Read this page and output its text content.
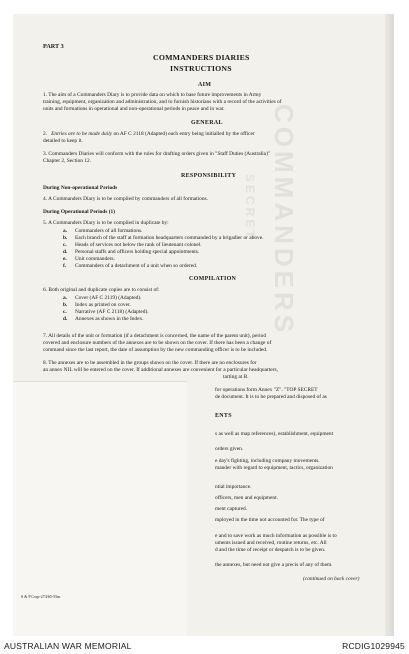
COMMANDERS
SECRET
PART 3
COMMANDERS DIARIES
INSTRUCTIONS
AIM
1. The aim of a Commanders Diary is to provide data on which to base future improvements in Army
training, equipment, organization and administration, and to furnish historians with a record of the activities of
units and formations in operational and non-operational periods in peace and in war.
GENERAL
2. Entries are to be made daily on AF C 2118 (Adapted) each entry being initialled by the officer
detailed to keep it.
3. Commanders Diaries will conform with the rules for drafting orders given in "Staff Duties (Australia)"
Chapter 2, Section 12.
RESPONSIBILITY
During Non-operational Periods
4. A Commanders Diary is to be compiled by commanders of all formations.
During Operational Periods (1)
5. A Commanders Diary is to be compiled in duplicate by:
a. Commanders of all formations.
b. Each branch of the staff at formation headquarters commanded by a brigadier or above.
c. Heads of services not below the rank of lieutenant colonel.
d. Personal staffs and officers holding special appointments.
e. Unit commanders.
f. Commanders of a detachment of a unit when so ordered.
COMPILATION
6. Both original and duplicate copies are to consist of:
a. Cover (AF C 2119) (Adapted).
b. Index as printed on cover.
c. Narrative (AF C 2118) (Adapted).
d. Annexes as shown in the Index.
7. All details of the unit or formation (if a detachment is concerned, the name of the parent unit), period
covered and enclosure numbers of the annexes are to be shown on the cover. If there has been a change of
command since the last report, the date of assumption by the new commanding officer is to be included.
8. The annexes are to be assembled in the groups shown on the cover. If there are no enclosures for
an annex NIL will be entered on the cover. If additional annexes are convenient for a particular headquarters,
tarting at B.
for operations form Annex "Z". "TOP SECRET
de document. It is to be prepared and disposed of as
ENTS
s as well as map references), establishment, equipment
orders given.
e day's fighting, including company movements.
mander with regard to equipment, tactics, organization
ntial importance.
officers, men and equipment.
ment captured.
mployed in the time not accounted for. The type of
e and to save work as much information as possible is to
uments issued and received, routine returns, etc. All
d and the time of receipt or despatch is to be given.
the annexes, but need not give a precis of any of them.
(continued on back cover)
S & P Corp-274/65-55m
AUSTRALIAN WAR MEMORIAL	RCDIG1029945
